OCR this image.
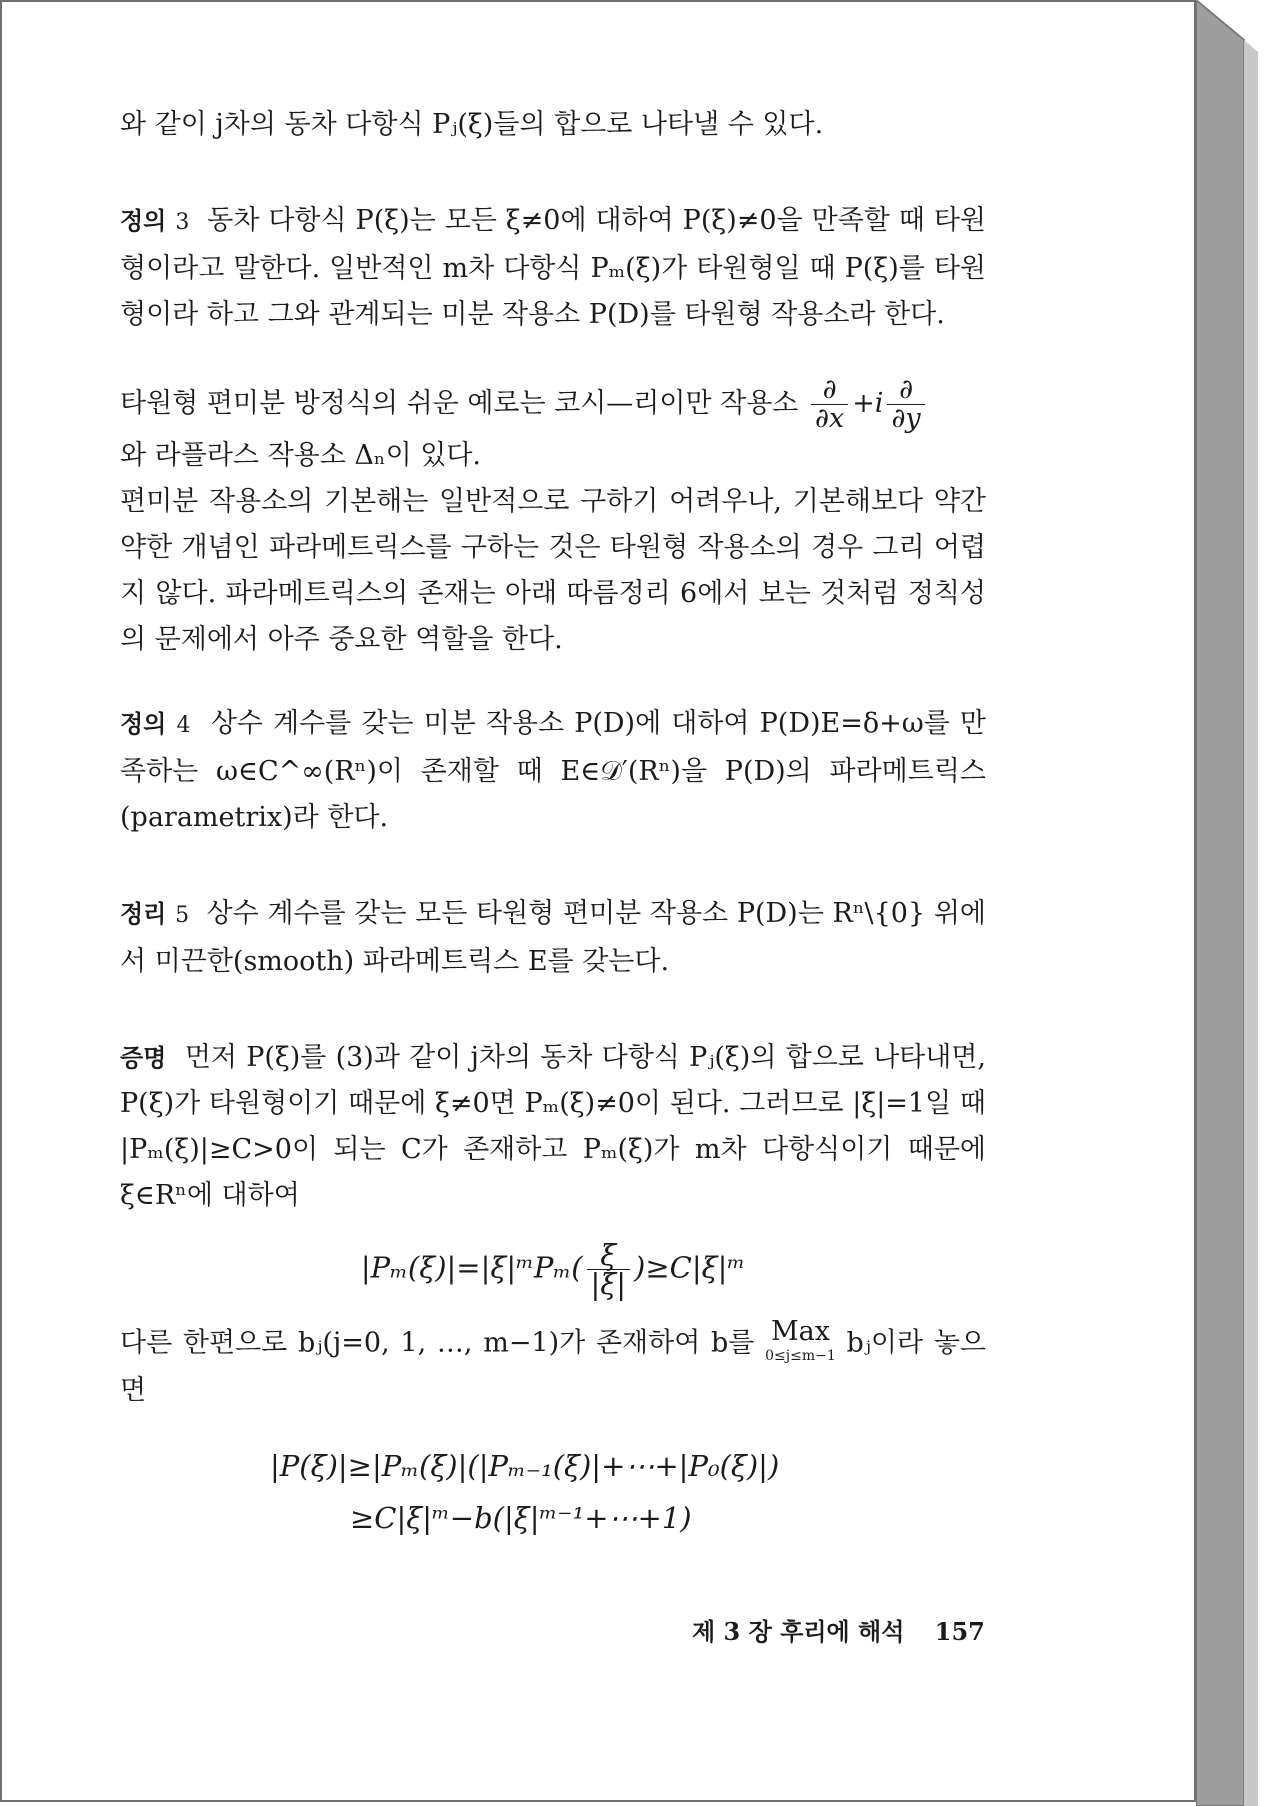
와 같이 j차의 동차 다항식 Pⱼ(ξ)들의 합으로 나타낼 수 있다.

정의 3 동차 다항식 P(ξ)는 모든 ξ≠0에 대하여 P(ξ)≠0을 만족할 때 타원형이라고 말한다. 일반적인 m차 다항식 Pₘ(ξ)가 타원형일 때 P(ξ)를 타원형이라 하고 그와 관계되는 미분 작용소 P(D)를 타원형 작용소라 한다.

타원형 편미분 방정식의 쉬운 예로는 코시—리이만 작용소 $\frac{\partial}{\partial x} +i \frac{\partial}{\partial y}$

와 라플라스 작용소 Δₙ이 있다.

편미분 작용소의 기본해는 일반적으로 구하기 어려우나, 기본해보다 약간 약한 개념인 파라메트릭스를 구하는 것은 타원형 작용소의 경우 그리 어렵지 않다. 파라메트릭스의 존재는 아래 따름정리 6에서 보는 것처럼 정칙성의 문제에서 아주 중요한 역할을 한다.

정의 4 상수 계수를 갖는 미분 작용소 P(D)에 대하여 P(D)E=δ+ω를 만족하는 ω∈C^∞(Rⁿ)이 존재할 때 E∈𝒟′(Rⁿ)을 P(D)의 파라메트릭스(parametrix)라 한다.

정리 5 상수 계수를 갖는 모든 타원형 편미분 작용소 P(D)는 Rⁿ\{0} 위에서 미끈한(smooth) 파라메트릭스 E를 갖는다.

증명 먼저 P(ξ)를 (3)과 같이 j차의 동차 다항식 Pⱼ(ξ)의 합으로 나타내면, P(ξ)가 타원형이기 때문에 ξ≠0면 Pₘ(ξ)≠0이 된다. 그러므로 |ξ|=1일 때 |Pₘ(ξ)|≥C>0이 되는 C가 존재하고 Pₘ(ξ)가 m차 다항식이기 때문에 ξ∈Rⁿ에 대하여

|Pₘ(ξ)|=|ξ|ᵐPₘ( $\frac{\xi}{|\xi|}$ )≥C|ξ|ᵐ

다른 한편으로 bⱼ(j=0, 1, …, m−1)가 존재하여 b를 Max
0≤j≤m−1 bⱼ이라 놓으면

|P(ξ)|≥|Pₘ(ξ)|(|Pₘ₋₁(ξ)|+⋯+|P₀(ξ)|)
≥C|ξ|ᵐ−b(|ξ|ᵐ⁻¹+⋯+1)
제 3 장 후리에 해석 157
